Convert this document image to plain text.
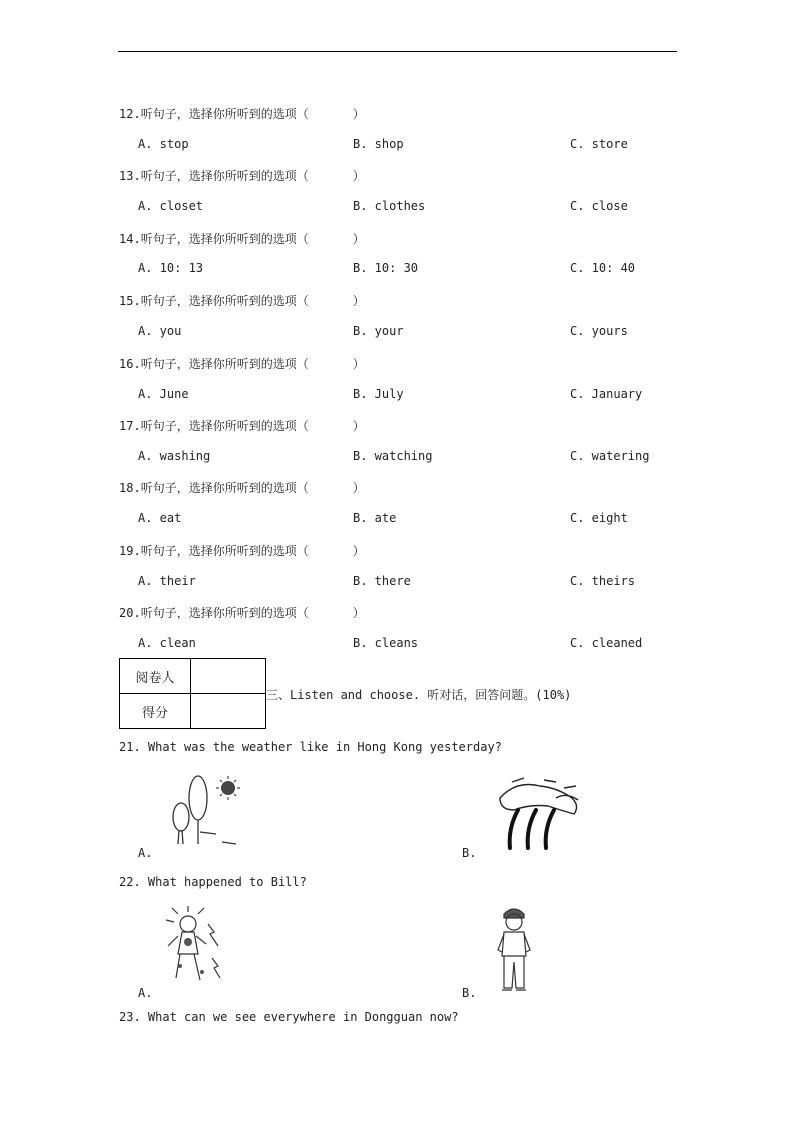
12.听句子，选择你所听到的选项（	）
A. stop	B. shop	C. store
13.听句子，选择你所听到的选项（	）
A. closet	B. clothes	C. close
14.听句子，选择你所听到的选项（	）
A. 10: 13	B. 10: 30	C. 10: 40
15.听句子，选择你所听到的选项（	）
A. you	B. your	C. yours
16.听句子，选择你所听到的选项（	）
A. June	B. July	C. January
17.听句子，选择你所听到的选项（	）
A. washing	B. watching	C. watering
18.听句子，选择你所听到的选项（	）
A. eat	B. ate	C. eight
19.听句子，选择你所听到的选项（	）
A. their	B. there	C. theirs
20.听句子，选择你所听到的选项（	）
A. clean	B. cleans	C. cleaned
阅卷人	
得分	
三、Listen and choose. 听对话，回答问题。(10%)
21. What was the weather like in Hong Kong yesterday?
A.	B.
22. What happened to Bill?
A.	B.
23. What can we see everywhere in Dongguan now?
